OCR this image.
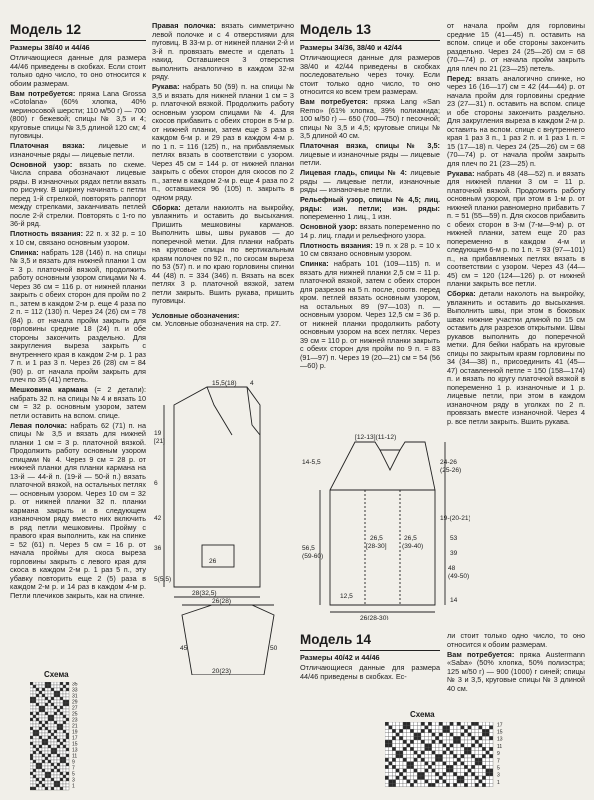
Модель 12

Размеры 38/40 и 44/46

Отличающиеся данные для размера 44/46 приведены в скобках. Если стоит только одно число, то оно относится к обоим размерам.

Вам потребуется: пряжа Lana Grossa «Cotolana» (60% хлопка, 40% мериносовой шерсти; 110 м/50 г) — 700 (800) г бежевой; спицы № 3,5 и 4; круговые спицы № 3,5 длиной 120 см; 4 пуговицы.

Платочная вязка: лицевые и изнаночные ряды — лицевые петли.

Основной узор: вязать по схеме. Числа справа обозначают лицевые ряды. В изнаночных рядах петли вязать по рисунку. В ширину начинать с петли перед 1-й стрелкой, повторять раппорт между стрелками, заканчивать петлей после 2-й стрелки. Повторять с 1-го по 36-й ряд.

Плотность вязания: 22 п. x 32 р. = 10 x 10 см, связано основным узором.

Спинка: набрать 128 (146) п. на спицы № 3,5 и вязать для нижней планки 1 см = 3 р. платочной вязкой, продолжить работу основным узором спицами № 4. Через 36 см = 116 р. от нижней планки закрыть с обеих сторон для пройм по 2 п., затем в каждом 2-м р. еще 4 раза по 2 п. = 112 (130) п. Через 24 (26) см = 78 (84) р. от начала пройм закрыть для горловины средние 18 (24) п. и обе стороны закончить раздельно. Для закругления выреза закрыть с внутреннего края в каждом 2-м р. 1 раз 7 п. и 1 раз 3 п. Через 26 (28) см = 84 (90) р. от начала пройм закрыть для плеч по 35 (41) петель.

Мешковина кармана (= 2 детали): набрать 32 п. на спицы № 4 и вязать 10 см = 32 р. основным узором, затем петли оставить на вспом. спице.

Левая полочка: набрать 62 (71) п. на спицы № 3,5 и вязать для нижней планки 1 см = 3 р. платочной вязкой. Продолжить работу основным узором спицами № 4. Через 9 см = 28 р. от нижней планки для планки кармана на 13-й — 44-й п. (19-й — 50-й п.) вязать платочной вязкой, на остальных петлях — основным узором. Через 10 см = 32 р. от нижней планки 32 п. планки кармана закрыть и в следующем изнаночном ряду вместо них включить в ряд петли мешковины. Пройму с правого края выполнить, как на спинке = 52 (61) п. Через 5 см = 16 р. от начала проймы для скоса выреза горловины закрыть с левого края для скоса в каждом 2-м р. 1 раз 5 п., эту убавку повторить еще 2 (5) раза в каждом 2-м р. и 14 раз в каждом 4-м р. Петли плечиков закрыть, как на спинке.

Правая полочка: вязать симметрично левой полочке и с 4 отверстиями для пуговиц. В 33-м р. от нижней планки 2-й и 3-й п. провязать вместе и сделать 1 накид. Оставшиеся 3 отверстия выполнить аналогично в каждом 32-м ряду.

Рукава: набрать 50 (59) п. на спицы № 3,5 и вязать для нижней планки 1 см = 3 р. платочной вязкой. Продолжить работу основным узором спицами № 4. Для скосов прибавить с обеих сторон в 5-м р. от нижней планки, затем еще 3 раза в каждом 6-м р. и 29 раз в каждом 4-м р. по 1 п. = 116 (125) п., на прибавляемых петлях вязать в соответствии с узором. Через 45 см = 144 р. от нижней планки закрыть с обеих сторон для скосов по 2 п., затем в каждом 2-м р. еще 4 раза по 2 п., оставшиеся 96 (105) п. закрыть в одном ряду.

Сборка: детали накиолть на выкройку, увлажнить и оставить до высыхания. Пришить мешковины карманов. Выполнить швы, швы рукавов — до поперечной метки. Для планки набрать на круговые спицы по вертикальным краям полочек по 92 п., по скосам выреза по 53 (57) п. и по краю горловины спинки 44 (48) п. = 334 (346) п. Вязать на всех петлях 3 р. платочной вязкой, затем петли закрыть. Вшить рукава, пришить пуговицы.

Условные обозначения:
см. Условные обозначения на стр. 27.

15,5(18) 4
19
[21]
6
42
36
5(5,5)
28(32,5)
26(28)
45	50
20(23)
26
Схема
35
33
31
29
27
25
23
21
19
17
15
13
11
9
7
5
3
1
Модель 13

Размеры 34/36, 38/40 и 42/44

Отличающиеся данные для размеров 38/40 и 42/44 приведены в скобках последовательно через точку. Если стоит только одно число, то оно относится ко всем трем размерам.

Вам потребуется: пряжа Lang «San Remo» (61% хлопка, 39% полиамида; 100 м/50 г) — 650 (700—750) г песочной; спицы № 3,5 и 4,5; круговые спицы № 3,5 длиной 40 см.

Платочная вязка, спицы № 3,5: лицевые и изнаночные ряды — лицевые петли.

Лицевая гладь, спицы № 4: лицевые ряды — лицевые петли, изнаночные ряды — изнаночные петли.

Рельефный узор, спицы № 4,5; лиц. ряды: изн. петли; изн. ряды: попеременно 1 лиц., 1 изн.

Основной узор: вязать попеременно по 14 р. лиц. глади и рельефного узора.

Плотность вязания: 19 п. x 28 р. = 10 x 10 см связано основным узором.

Спинка: набрать 101 (109—115) п. и вязать для нижней планки 2,5 см = 11 р. платочной вязкой, затем с обеих сторон для разрезов на 5 п. после, соотв. перед кром. петлей вязать основным узором, на остальных 89 (97—103) п. — основным узором. Через 12,5 см = 36 р. от нижней планки продолжить работу основным узором на всех петлях. Через 39 см = 110 р. от нижней планки закрыть с обеих сторон для пройм по 9 п. = 83 (91—97) п. Через 19 (20—21) см = 54 (56—60) р.

от начала пройм для горловины средние 15 (41—45) п. оставить на вспом. спице и обе стороны закончить раздельно. Через 24 (25—26) см = 68 (70—74) р. от начала пройм закрыть для плеч по 21 (23—25) петель.

Перед: вязать аналогично спинке, но через 16 (16—17) см = 42 (44—44) р. от начала пройм для горловины средние 23 (27—31) п. оставить на вспом. спице и обе стороны закончить раздельно. Для закругления выреза в каждом 2-м р. оставить на вспом. спице с внутреннего края 1 раз 3 п., 1 раз 2 п. и 1 раз 1 п. = 15 (17—18) п. Через 24 (25—26) см = 68 (70—74) р. от начала пройм закрыть для плеч по 21 (23—25) п.

Рукава: набрать 48 (48—52) п. и вязать для нижней планки 3 см = 11 р. платочной вязкой. Продолжить работу основным узором, при этом в 1-м р. от нижней планки равномерно прибавить 7 п. = 51 (55—59) п. Для скосов прибавить с обеих сторон в 3-м (7-м—9-м) р. от нижней планки, затем еще 20 раз попеременно в каждом 4-м и следующем 6-м р. по 1 п. = 93 (97—101) п., на прибавляемых петлях вязать в соответствии с узором. Через 43 (44—45) см = 120 (124—126) р. от нижней планки закрыть все петли.

Сборка: детали наколоть на выкройку, увлажнить и оставить до высыхания. Выполнить швы, при этом в боковых швах нижние участки длиной по 15 см оставить для разрезов открытыми. Швы рукавов выполнить до поперечной метки. Для бейки набрать на круговые спицы по закрытым краям горловины по 34 (34—38) п., присоединить 41 (45—47) оставленной петле = 150 (158—174) п. и вязать по кругу платочной вязкой в попеременно 1 р. изнаночные и 1 р. лицевые петли, при этом в каждом изнаночном ряду в уголках по 2 п. провязать вместе изнаночной. Через 4 р. все петли закрыть. Вшить рукава.

[12-13](11-12)
14-5,5
56,5
(59-60)
24-26
(25-26)
19-(20-21)
53
39
48
(49-50)
14
26,5
[28-30]
26,5
(39-40)
12,5
26(28-30)
Модель 14

Размеры 40/42 и 44/46

Отличающиеся данные для размера 44/46 приведены в скобках. Ес-

ли стоит только одно число, то оно относится к обоим размерам.

Вам потребуется: пряжа Austermann «Saba» (50% хлопка, 50% полиэстра; 125 м/50 г) — 900 (1000) г синей; спицы № 3 и 3,5, круговые спицы № 3 длиной 40 см.

Схема
17
15
13
11
9
7
5
3
1
